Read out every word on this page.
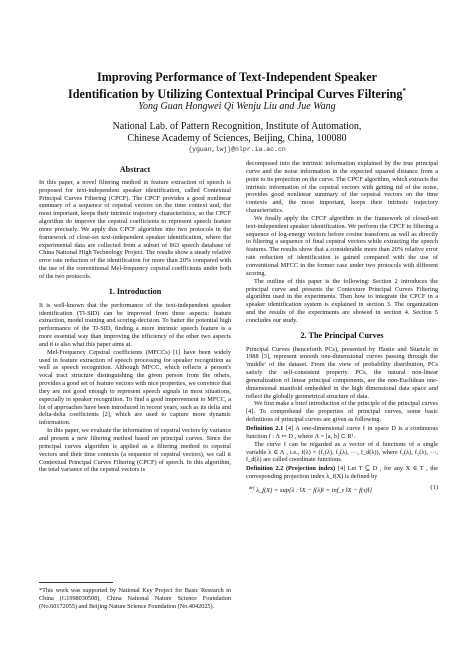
Improving Performance of Text-Independent Speaker
Identification by Utilizing Contextual Principal Curves Filtering*
Yong Guan Hongwei Qi Wenju Liu and Jue Wang
National Lab. of Pattern Recognition, Institute of Automation,
Chinese Academy of Sciences, Beijing, China, 100080
{yguan,lwj}@nlpr.ia.ac.cn
Abstract

In this paper, a novel filtering method in feature extraction of speech is proposed for text-independent speaker identification, called Contextual Principal Curves Filtering (CPCF). The CPCF provides a good nonlinear summary of a sequence of cepstral vectors on the time context and, the most important, keeps their intrinsic trajectory characteristics, so the CPCF algorithm do improve the cepstral coefficients to represent speech feature more precisely. We apply this CPCF algorithm into two protocols in the framework of close-set text-independent speaker identification, where the experimental data are collected from a subset of 863 speech database of China National High Technology Project. The results show a steady relative error rate reduction of the identification for more than 20% compared with the use of the conventional Mel-frequency cepstral coefficients under both of the two protocols.

1. Introduction

It is well-known that the performance of the text-independent speaker identification (TI-SID) can be improved from three aspects: feature extraction, model training and scoring-decision. To batter the potential high performance of the TI-SID, finding a more intrinsic speech feature is a more essential way than improving the efficiency of the other two aspects and it is also what this paper aims at.

Mel-Frequency Cepstral coefficients (MFCCs) [1] have been widely used in feature extraction of speech processing for speaker recognition as well as speech recognition. Although MFCC, which reflects a person's vocal tract structure distinguishing the given person from the others, provides a good set of feature vectors with nice properties, we convince that they are not good enough to represent speech signals in most situations, especially in speaker recognition. To find a good improvement to MFCC, a lot of approaches have been introduced in recent years, such as its delta and delta-delta coefficients [2], which are used to capture more dynamic information.

In this paper, we evaluate the information of cepstral vectors by variance and present a new filtering method based on principal curves. Since the principal curves algorithm is applied as a filtering method to cepstral vectors and their time contexts (a sequence of cepstral vectors), we call it Contextual Principal Curves Filtering (CPCF) of speech. In this algorithm, the total variance of the cepstral vectors is

*This work was supported by National Key Project for Basic Research in China (G1998030508), China National Nature Science Foundation (No.60172055) and Beijing Nature Science Foundation (No.4042025).

decomposed into the intrinsic information explained by the true principal curve and the noise information in the expected squared distance from a point to its projection on the curve. The CPCF algorithm, which extracts the intrinsic information of the cepstral vectors with getting rid of the noise, provides good nonlinear summary of the cepstral vectors on the time contexts and, the most important, keeps their intrinsic trajectory characteristics.

We finally apply the CPCF algorithm in the framework of closed-set text-independent speaker identification. We perform the CPCF to filtering a sequence of log-energy vectors before cosine transform as well as directly to filtering a sequence of final cepstral vectors while extracting the speech features. The results show that a considerable more than 20% relative error rate reduction of identification is gained compared with the use of conventional MFCC in the former case under two protocols with different scoring.

The outline of this paper is the following: Section 2 introduces the principal curve and presents the Contexture Principal Curves Filtering algorithm used in the experiments. Then how to integrate the CPCF in a speaker identification system is explained in section 3. The organization and the results of the experiments are showed in section 4. Section 5 concludes our study.

2. The Principal Curves

Principal Curves (henceforth PCs), presented by Hastie and Stuetzle in 1988 [3], represent smooth one-dimensional curves passing through the 'middle' of the dataset. From the view of probability distribution, PCs satisfy the self-consistent property. PCs, the natural non-linear generalization of linear principal components, are the non-Euclidean one-dimensional manifold embedded in the high dimensional data space and reflect the globally geometrical structure of data.

We first make a brief introduction of the principle of the principal curves [4]. To comprehend the properties of principal curves, some basic definitions of principal curves are given as following.

Definition 2.1 [4] A one-dimensional curve f in space D is a continuous function f : Λ ↦ D , where Λ = [a, b] ⊂ R¹.

The curve f can be regarded as a vector of d functions of a single variable λ ∈ Λ , i.e., f(λ) = (f₁(λ), f₂(λ), ···, f_d(λ)), where f₁(λ), f₂(λ), ···, f_d(λ) are called coordinate functions.

Definition 2.2 (Projection index) [4] Let T ⊆ D , for any X ∈ T , the corresponding projection index λ_f(X) is defined by

$^{def}$ λ_f(X) = sup{λ : ‖X − f(λ)‖ = inf_τ ‖X − f(τ)‖}	(1)
